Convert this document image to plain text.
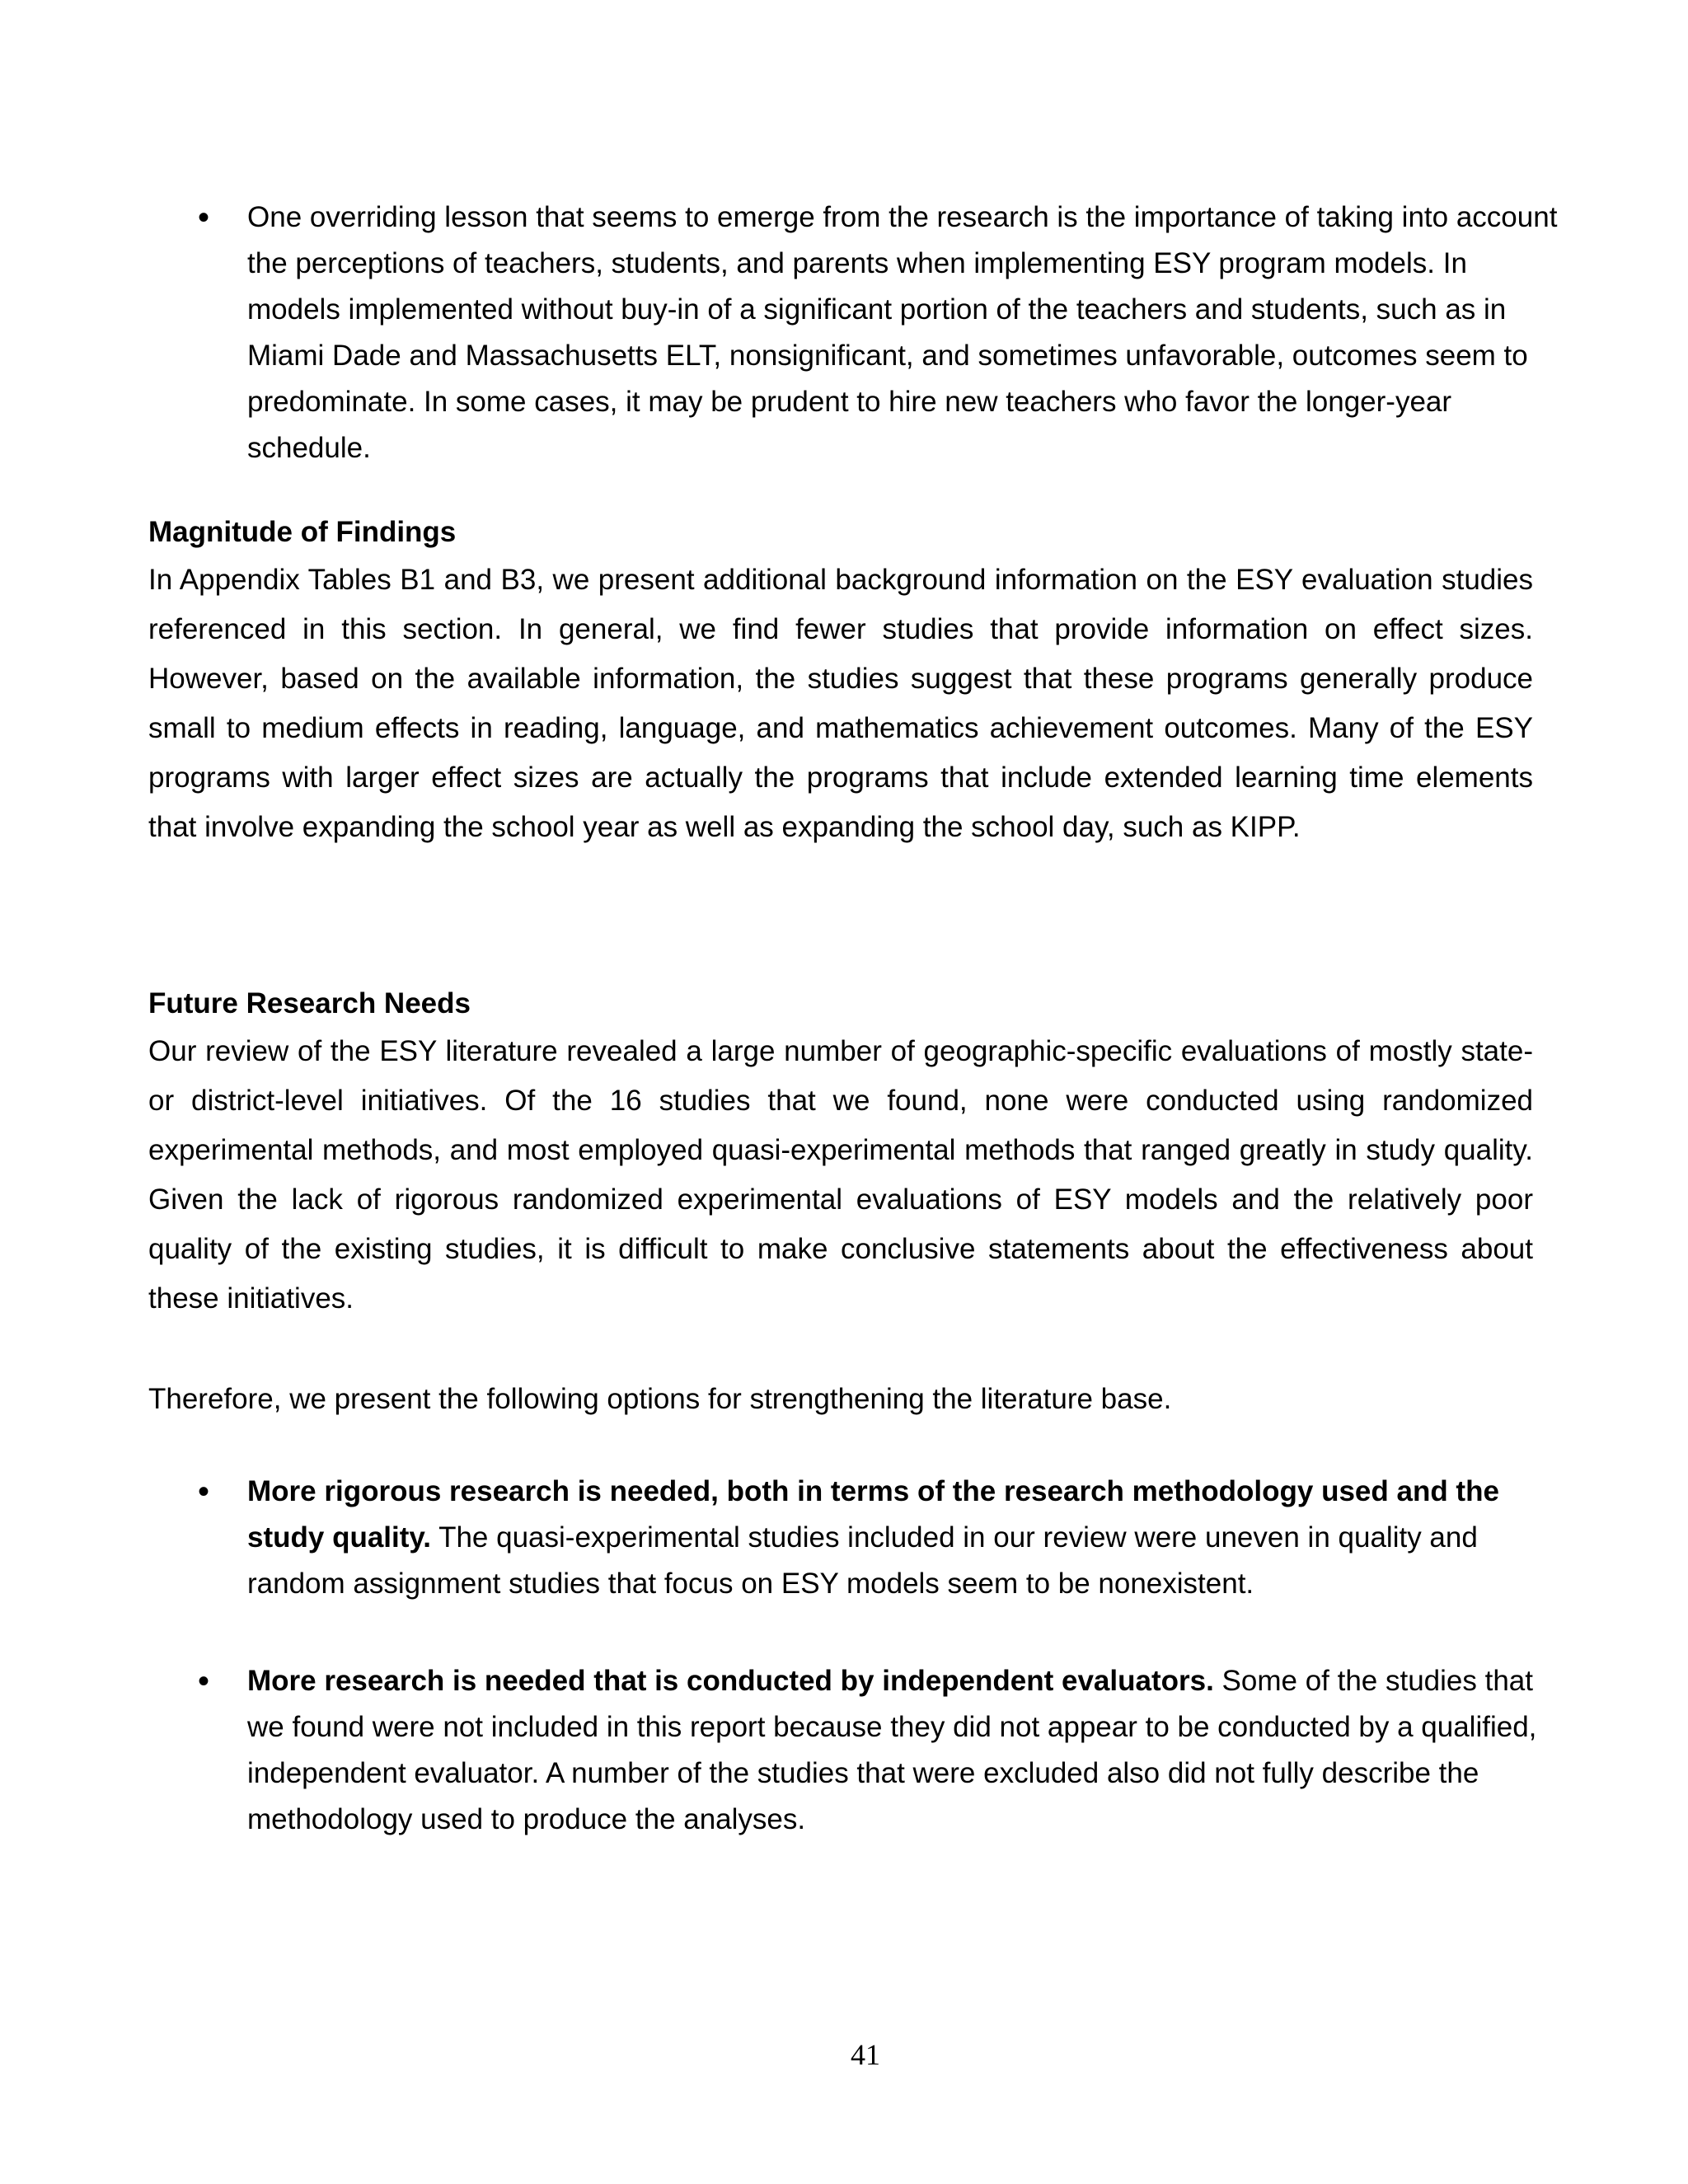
• One overriding lesson that seems to emerge from the research is the importance of taking into account the perceptions of teachers, students, and parents when implementing ESY program models. In models implemented without buy-in of a significant portion of the teachers and students, such as in Miami Dade and Massachusetts ELT, nonsignificant, and sometimes unfavorable, outcomes seem to predominate. In some cases, it may be prudent to hire new teachers who favor the longer-year schedule.
Magnitude of Findings
In Appendix Tables B1 and B3, we present additional background information on the ESY evaluation studies referenced in this section. In general, we find fewer studies that provide information on effect sizes. However, based on the available information, the studies suggest that these programs generally produce small to medium effects in reading, language, and mathematics achievement outcomes. Many of the ESY programs with larger effect sizes are actually the programs that include extended learning time elements that involve expanding the school year as well as expanding the school day, such as KIPP.
Future Research Needs
Our review of the ESY literature revealed a large number of geographic-specific evaluations of mostly state- or district-level initiatives. Of the 16 studies that we found, none were conducted using randomized experimental methods, and most employed quasi-experimental methods that ranged greatly in study quality. Given the lack of rigorous randomized experimental evaluations of ESY models and the relatively poor quality of the existing studies, it is difficult to make conclusive statements about the effectiveness about these initiatives.
Therefore, we present the following options for strengthening the literature base.
• More rigorous research is needed, both in terms of the research methodology used and the study quality. The quasi-experimental studies included in our review were uneven in quality and random assignment studies that focus on ESY models seem to be nonexistent.
• More research is needed that is conducted by independent evaluators. Some of the studies that we found were not included in this report because they did not appear to be conducted by a qualified, independent evaluator. A number of the studies that were excluded also did not fully describe the methodology used to produce the analyses.
41
